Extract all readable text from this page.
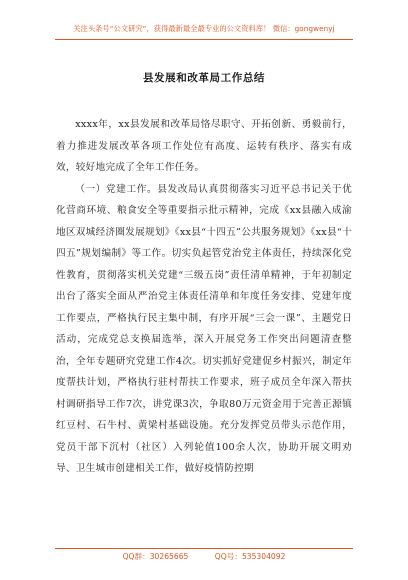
关注头条号“公文研究”，获得最新最全最专业的公文资料库！ 微信：gongwenyj
县发展和改革局工作总结

xxxx年，xx县发展和改革局恪尽职守、开拓创新、勇毅前行，着力推进发展改革各项工作处位有高度、运转有秩序、落实有成效，较好地完成了全年工作任务。

（一）党建工作。县发改局认真贯彻落实习近平总书记关于优化营商环境、粮食安全等重要指示批示精神，完成《xx县融入成渝地区双城经济圈发展规划》《xx县“十四五”公共服务规划》《xx县“十四五”规划编制》等工作。切实负起管党治党主体责任，持续深化党性教育，贯彻落实机关党建“三级五岗”责任清单精神，于年初制定出台了落实全面从严治党主体责任清单和年度任务安排、党建年度工作要点，严格执行民主集中制，有序开展“三会一课”、主题党日活动，完成党总支换届选举，深入开展党务工作突出问题清查整治，全年专题研究党建工作4次。切实抓好党建促乡村振兴，制定年度帮扶计划，严格执行驻村帮扶工作要求，班子成员全年深入帮扶村调研指导工作7次，讲党课3次，争取80万元资金用于完善正源镇红豆村、石牛村、黄梁村基础设施。充分发挥党员带头示范作用，党员干部下沉村（社区）入列轮值100余人次，协助开展文明劝导、卫生城市创建相关工作，做好疫情防控期

QQ群：30265665	QQ号：535304092
